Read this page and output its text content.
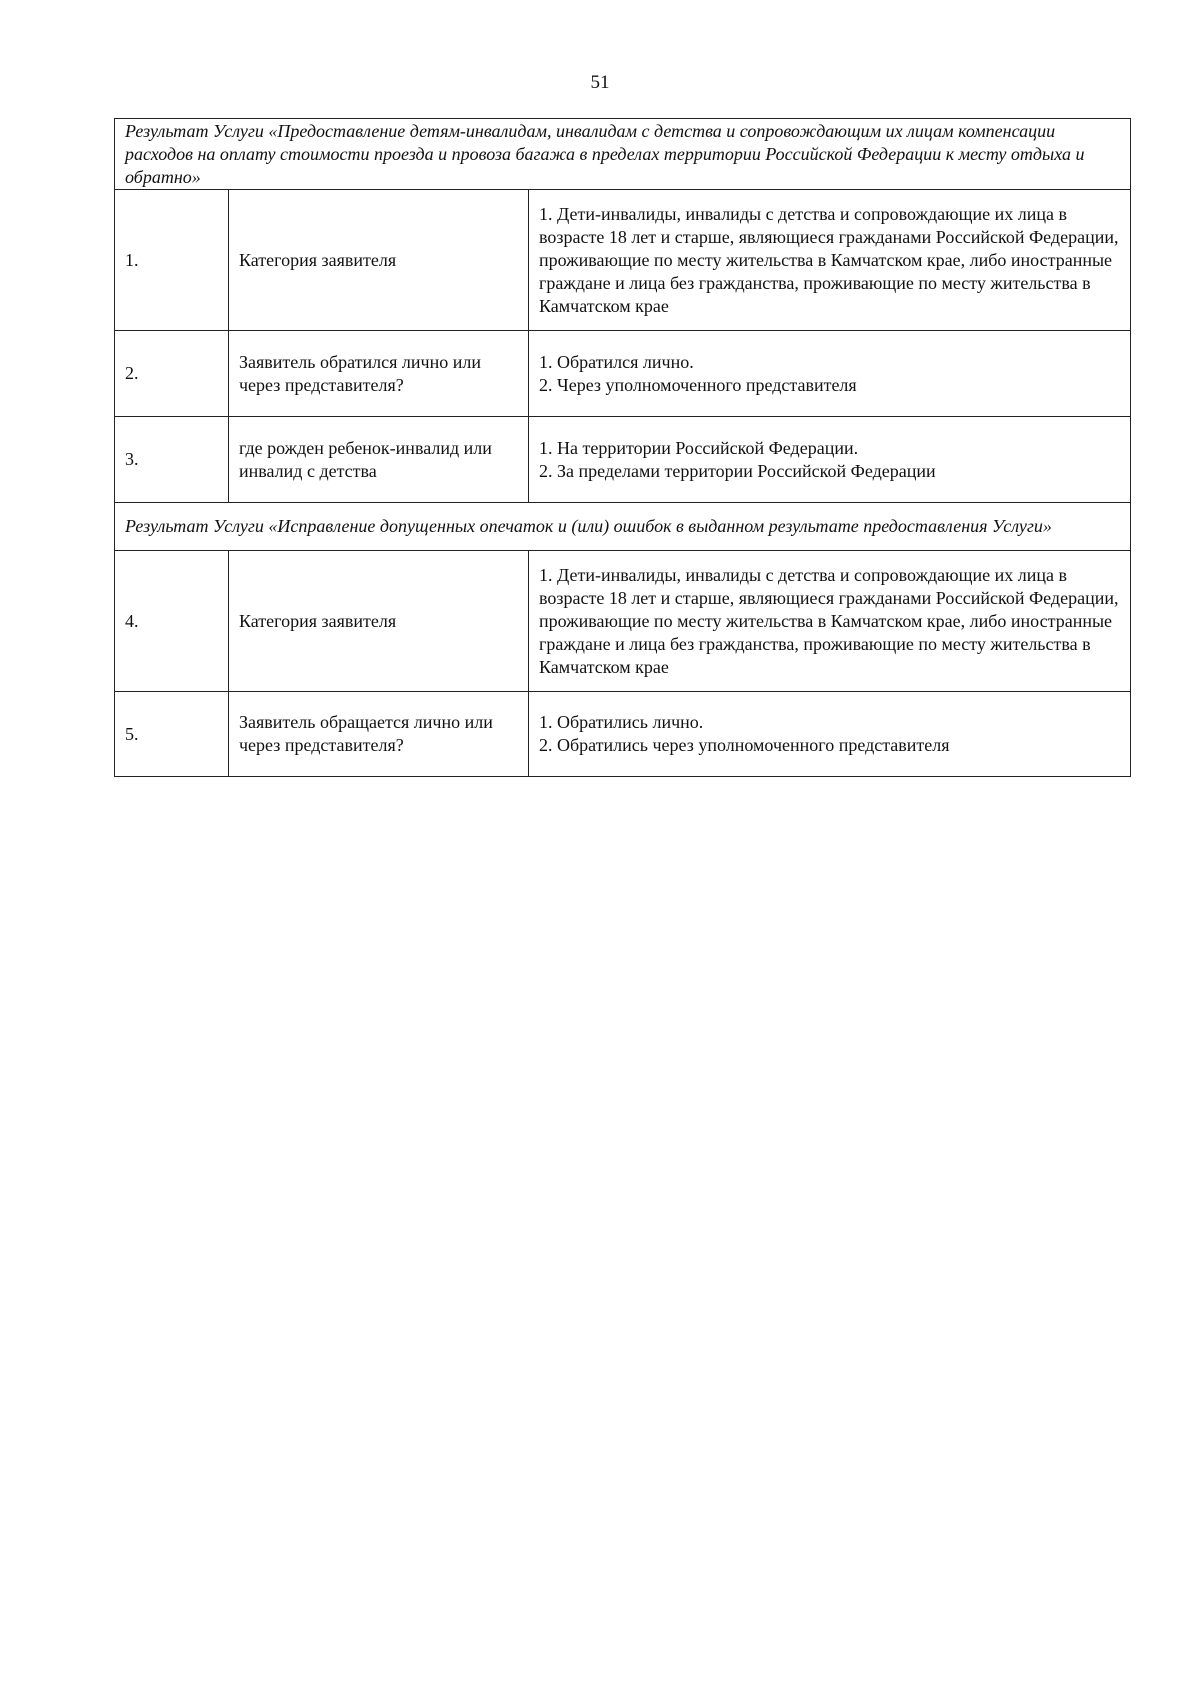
51
Результат Услуги «Предоставление детям-инвалидам, инвалидам с детства и сопровождающим их лицам компенсации расходов на оплату стоимости проезда и провоза багажа в пределах территории Российской Федерации к месту отдыха и обратно»		
1.	Категория заявителя	1. Дети-инвалиды, инвалиды с детства и сопровождающие их лица в возрасте 18 лет и старше, являющиеся гражданами Российской Федерации, проживающие по месту жительства в Камчатском крае, либо иностранные граждане и лица без гражданства, проживающие по месту жительства в Камчатском крае

2.	Заявитель обратился лично или через представителя?	1. Обратился лично.
2. Через уполномоченного представителя

3.	где рожден ребенок-инвалид или инвалид с детства	1. На территории Российской Федерации.
2. За пределами территории Российской Федерации

Результат Услуги «Исправление допущенных опечаток и (или) ошибок в выданном результате предоставления Услуги»		
4.	Категория заявителя	1. Дети-инвалиды, инвалиды с детства и сопровождающие их лица в возрасте 18 лет и старше, являющиеся гражданами Российской Федерации, проживающие по месту жительства в Камчатском крае, либо иностранные граждане и лица без гражданства, проживающие по месту жительства в Камчатском крае

5.	Заявитель обращается лично или через представителя?	1. Обратились лично.
2. Обратились через уполномоченного представителя
